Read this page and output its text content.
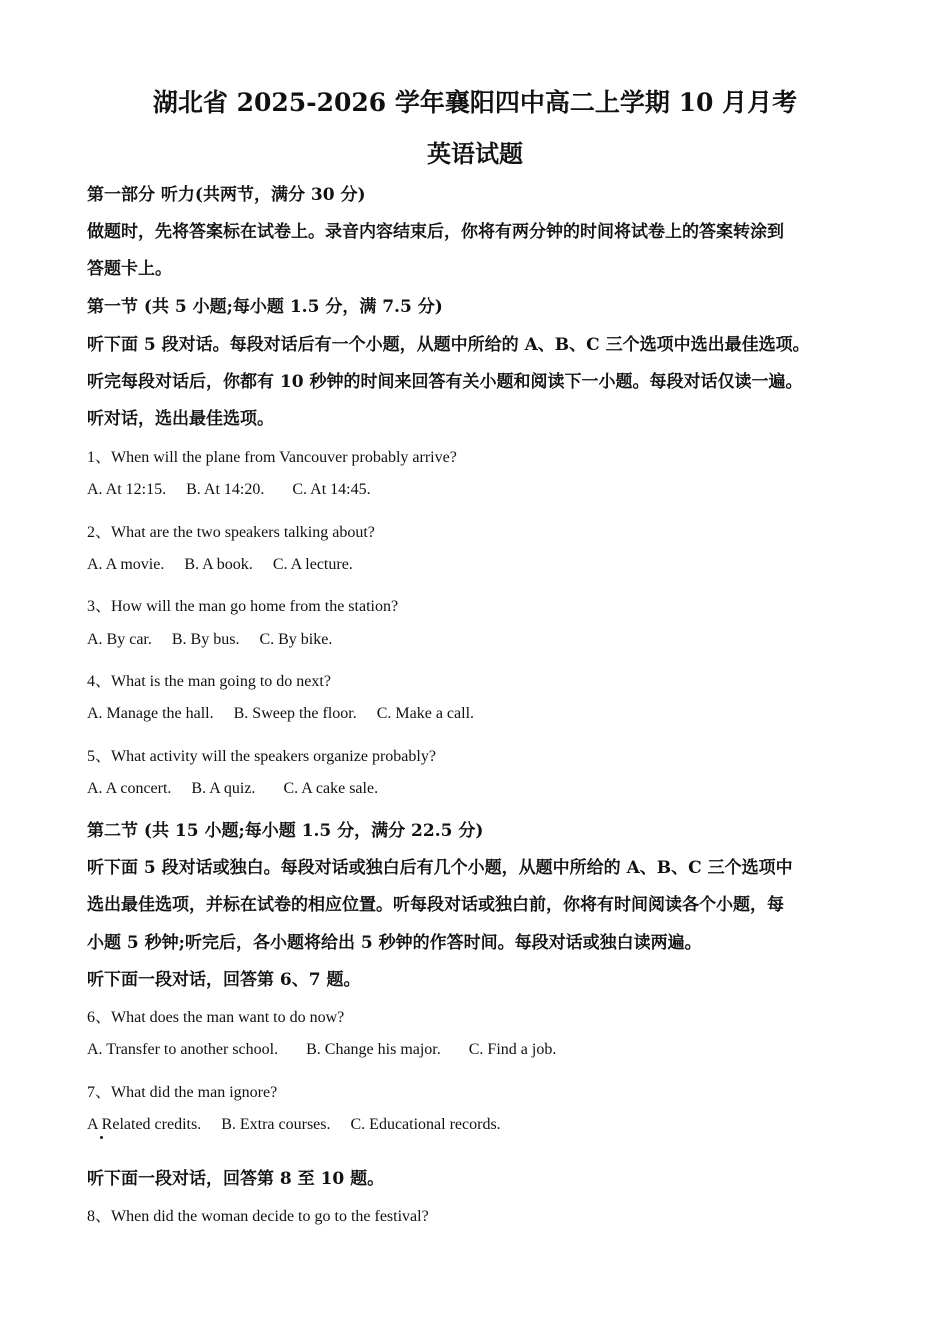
湖北省 2025-2026 学年襄阳四中高二上学期 10 月月考
英语试题
第一部分 听力(共两节，满分 30 分)
做题时，先将答案标在试卷上。录音内容结束后，你将有两分钟的时间将试卷上的答案转涂到
答题卡上。
第一节 (共 5 小题;每小题 1.5 分，满 7.5 分)
听下面 5 段对话。每段对话后有一个小题，从题中所给的 A、B、C 三个选项中选出最佳选项。
听完每段对话后，你都有 10 秒钟的时间来回答有关小题和阅读下一小题。每段对话仅读一遍。
听对话，选出最佳选项。
1、When will the plane from Vancouver probably arrive?
A. At 12:15. B. At 14:20. C. At 14:45.
2、What are the two speakers talking about?
A. A movie. B. A book. C. A lecture.
3、How will the man go home from the station?
A. By car. B. By bus. C. By bike.
4、What is the man going to do next?
A. Manage the hall. B. Sweep the floor. C. Make a call.
5、What activity will the speakers organize probably?
A. A concert. B. A quiz. C. A cake sale.
第二节 (共 15 小题;每小题 1.5 分，满分 22.5 分)
听下面 5 段对话或独白。每段对话或独白后有几个小题，从题中所给的 A、B、C 三个选项中
选出最佳选项，并标在试卷的相应位置。听每段对话或独白前，你将有时间阅读各个小题，每
小题 5 秒钟;听完后，各小题将给出 5 秒钟的作答时间。每段对话或独白读两遍。
听下面一段对话，回答第 6、7 题。
6、What does the man want to do now?
A. Transfer to another school. B. Change his major. C. Find a job.
7、What did the man ignore?
A Related credits. B. Extra courses. C. Educational records.
听下面一段对话，回答第 8 至 10 题。
8、When did the woman decide to go to the festival?
